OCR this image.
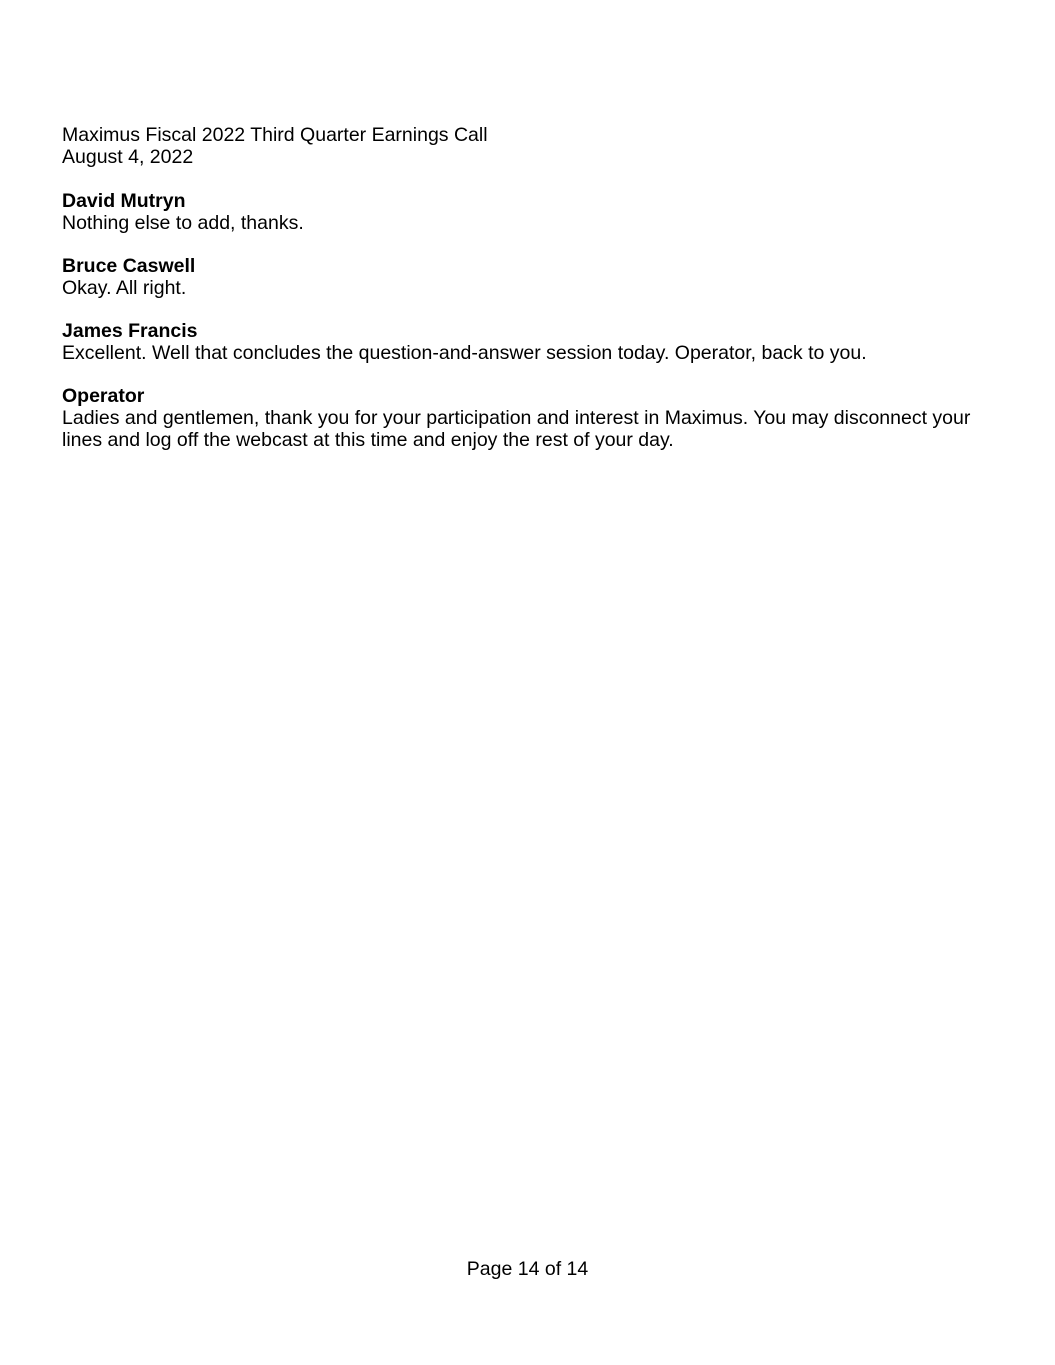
Maximus Fiscal 2022 Third Quarter Earnings Call
August 4, 2022
David Mutryn
Nothing else to add, thanks.
Bruce Caswell
Okay. All right.
James Francis
Excellent. Well that concludes the question-and-answer session today. Operator, back to you.
Operator
Ladies and gentlemen, thank you for your participation and interest in Maximus. You may disconnect your lines and log off the webcast at this time and enjoy the rest of your day.
Page 14 of 14
